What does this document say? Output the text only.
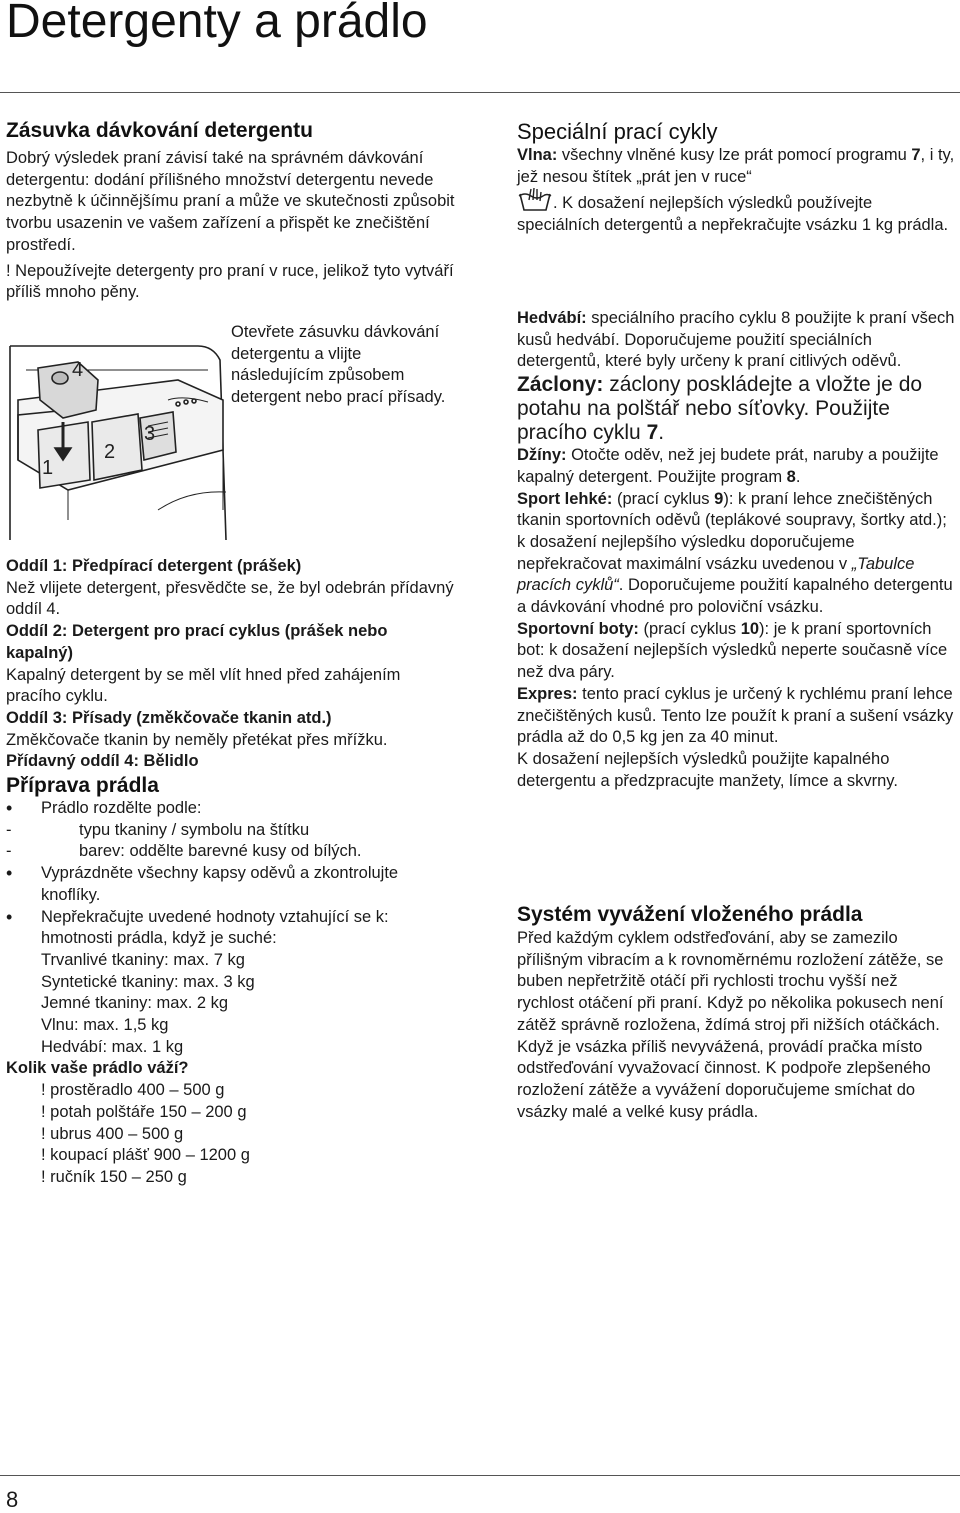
Detergenty a prádlo
Zásuvka dávkování detergentu

Dobrý výsledek praní závisí také na správném dávkování detergentu: dodání přílišného množství detergentu nevede nezbytně k účinnějšímu praní a může ve skutečnosti způsobit tvorbu usazenin ve vašem zařízení a přispět ke znečištění prostředí.

! Nepoužívejte detergenty pro praní v ruce, jelikož tyto vytváří příliš mnoho pěny.

4
1
2
3

Otevřete zásuvku dávkování detergentu a vlijte následujícím způsobem detergent nebo prací přísady.

Oddíl 1: Předpírací detergent (prášek)

Než vlijete detergent, přesvědčte se, že byl odebrán přídavný oddíl 4.

Oddíl 2: Detergent pro prací cyklus (prášek nebo kapalný)

Kapalný detergent by se měl vlít hned před zahájením pracího cyklu.

Oddíl 3: Přísady (změkčovače tkanin atd.)

Změkčovače tkanin by neměly přetékat přes mřížku.

Přídavný oddíl 4: Bělidlo

Příprava prádla
• Prádlo rozdělte podle:
-	typu tkaniny / symbolu na štítku
-	barev: oddělte barevné kusy od bílých.
• Vyprázdněte všechny kapsy oděvů a zkontrolujte knoflíky.
• Nepřekračujte uvedené hodnoty vztahující se k: hmotnosti prádla, když je suché:
Trvanlivé tkaniny: max. 7 kg
Syntetické tkaniny: max. 3 kg
Jemné tkaniny: max. 2 kg
Vlnu: max. 1,5 kg
Hedvábí: max. 1 kg

Kolik vaše prádlo váží?

! prostěradlo 400 – 500 g

! potah polštáře 150 – 200 g

! ubrus 400 – 500 g

! koupací plášť 900 – 1200 g

! ručník 150 – 250 g

Speciální prací cykly

Vlna: všechny vlněné kusy lze prát pomocí programu 7, i ty, jež nesou štítek „prát jen v ruce“
. K dosažení nejlepších výsledků používejte speciálních detergentů a nepřekračujte vsázku 1 kg prádla.

Hedvábí: speciálního pracího cyklu 8 použijte k praní všech kusů hedvábí. Doporučujeme použití speciálních detergentů, které byly určeny k praní citlivých oděvů.

Záclony: záclony poskládejte a vložte je do potahu na polštář nebo síťovky. Použijte pracího cyklu 7.

Džíny: Otočte oděv, než jej budete prát, naruby a použijte kapalný detergent. Použijte program 8.

Sport lehké: (prací cyklus 9): k praní lehce znečištěných tkanin sportovních oděvů (teplákové soupravy, šortky atd.); k dosažení nejlepšího výsledku doporučujeme nepřekračovat maximální vsázku uvedenou v „Tabulce pracích cyklů“. Doporučujeme použití kapalného detergentu a dávkování vhodné pro poloviční vsázku.

Sportovní boty: (prací cyklus 10): je k praní sportovních bot: k dosažení nejlepších výsledků neperte současně více než dva páry.

Expres: tento prací cyklus je určený k rychlému praní lehce znečištěných kusů. Tento lze použít k praní a sušení vsázky prádla až do 0,5 kg jen za 40 minut.

K dosažení nejlepších výsledků použijte kapalného detergentu a předzpracujte manžety, límce a skvrny.

Systém vyvážení vloženého prádla

Před každým cyklem odstřeďování, aby se zamezilo přílišným vibracím a k rovnoměrnému rozložení zátěže, se buben nepřetržitě otáčí při rychlosti trochu vyšší než rychlost otáčení při praní. Když po několika pokusech není zátěž správně rozložena, ždímá stroj při nižších otáčkách. Když je vsázka příliš nevyvážená, provádí pračka místo odstřeďování vyvažovací činnost. K podpoře zlepšeného rozložení zátěže a vyvážení doporučujeme smíchat do vsázky malé a velké kusy prádla.

8
